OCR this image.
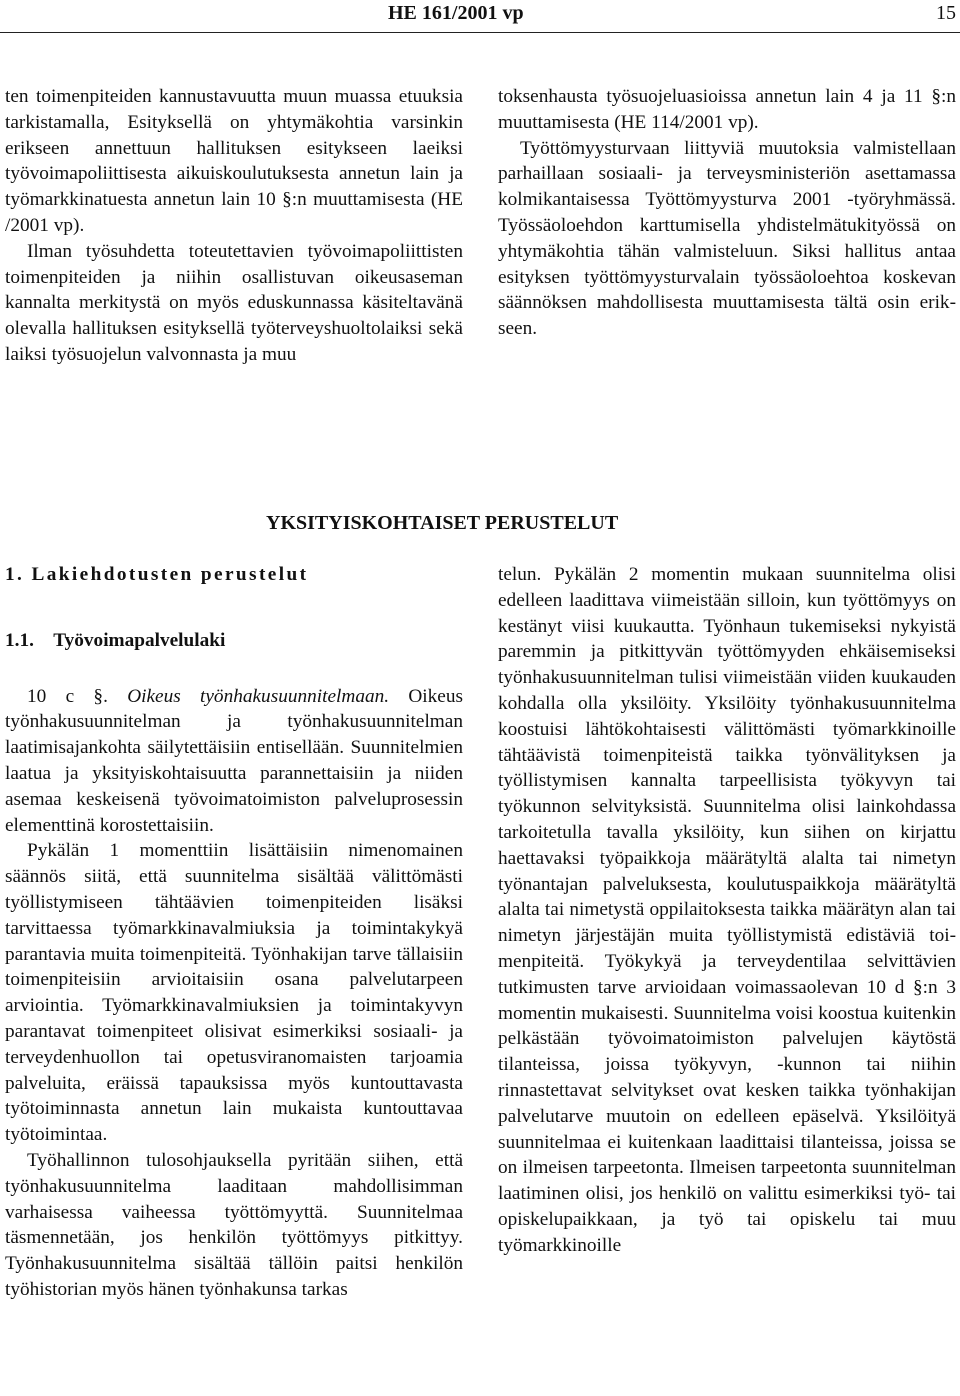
HE 161/2001 vp	15

ten toimenpiteiden kannustavuutta muun muassa etuuksia tarkistamalla, Esityksellä on yhtymäkohtia varsinkin erikseen annettuun hallituksen esitykseen laeiksi työvoimapoliittisesta aikuiskoulutuksesta annetun lain ja työmarkkinatuesta annetun lain 10 §:n muuttamisesta (HE /2001 vp).

Ilman työsuhdetta toteutettavien työvoimapoliittisten toimenpiteiden ja niihin osallistuvan oikeusaseman kannalta merkitystä on myös eduskunnassa käsiteltavänä olevalla hallituksen esityksellä työterveyshuoltolaiksi sekä laiksi työsuojelun valvonnasta ja muu

toksenhausta työsuojeluasioissa annetun lain 4 ja 11 §:n muuttamisesta (HE 114/2001 vp).

Työttömyysturvaan liittyviä muutoksia valmistellaan parhaillaan sosiaali- ja terveysministeriön asettamassa kolmikantaisessa Työttömyysturva 2001 -työryhmässä. Työssäoloehdon karttumisella yhdistelmätukityössä on yhtymäkohtia tähän valmisteluun. Siksi hallitus antaa esityksen työttömyysturvalain työssäoloehtoa koskevan säännöksen mahdollisesta muuttamisesta tältä osin erikseen.

YKSITYISKOHTAISET PERUSTELUT

1. Lakiehdotusten perustelut

1.1.    Työvoimapalvelulaki

10 c §. Oikeus työnhakusuunnitelmaan. Oikeus työnhakusuunnitelman ja työnhakusuunnitelman laatimisajankohta säilytettäisiin entisellään. Suunnitelmien laatua ja yksityiskohtaisuutta parannettaisiin ja niiden asemaa keskeisenä työvoimatoimiston palveluprosessin elementtinä korostettaisiin.

Pykälän 1 momenttiin lisättäisiin nimenomainen säännös siitä, että suunnitelma sisältää välittömästi työllistymiseen tähtäävien toimenpiteiden lisäksi tarvittaessa työmarkkinavalmiuksia ja toimintakykyä parantavia muita toimenpiteitä. Työnhakijan tarve tällaisiin toimenpiteisiin arvioitaisiin osana palvelutarpeen arviointia. Työmarkkinavalmiuksien ja toimintakyvyn parantavat toimenpiteet olisivat esimerkiksi sosiaali- ja terveydenhuollon tai opetusviranomaisten tarjoamia palveluita, eräissä tapauksissa myös kuntouttavasta työtoiminnasta annetun lain mukaista kuntouttavaa työtoimintaa.

Työhallinnon tulosohjauksella pyritään siihen, että työnhakusuunnitelma laaditaan mahdollisimman varhaisessa vaiheessa työttömyyttä. Suunnitelmaa täsmennetään, jos henkilön työttömyys pitkittyy. Työnhakusuunnitelma sisältää tällöin paitsi henkilön työhistorian myös hänen työnhakunsa tarkas

telun. Pykälän 2 momentin mukaan suunnitelma olisi edelleen laadittava viimeistään silloin, kun työttömyys on kestänyt viisi kuukautta. Työnhaun tukemiseksi nykyistä paremmin ja pitkittyvän työttömyyden ehkäisemiseksi työnhakusuunnitelman tulisi viimeistään viiden kuukauden kohdalla olla yksilöity. Yksilöity työnhakusuunnitelma koostuisi lähtökohtaisesti välittömästi työmarkkinoille tähtäävistä toimenpiteistä taikka työnvälityksen ja työllistymisen kannalta tarpeellisista työkyvyn tai työkunnon selvityksistä. Suunnitelma olisi lainkohdassa tarkoitetulla tavalla yksilöity, kun siihen on kirjattu haettavaksi työpaikkoja määrätyltä alalta tai nimetyn työnantajan palveluksesta, koulutuspaikkoja määrätyltä alalta tai nimetystä oppilaitoksesta taikka määrätyn alan tai nimetyn järjestäjän muita työllistymistä edistäviä toimenpiteitä. Työkykyä ja terveydentilaa selvittävien tutkimusten tarve arvioidaan voimassaolevan 10 d §:n 3 momentin mukaisesti. Suunnitelma voisi koostua kuitenkin pelkästään työvoimatoimiston palvelujen käytöstä tilanteissa, joissa työkyvyn, -kunnon tai niihin rinnastettavat selvitykset ovat kesken taikka työnhakijan palvelutarve muutoin on edelleen epäselvä. Yksilöityä suunnitelmaa ei kuitenkaan laadittaisi tilanteissa, joissa se on ilmeisen tarpeetonta. Ilmeisen tarpeetonta suunnitelman laatiminen olisi, jos henkilö on valittu esimerkiksi työ- tai opiskelupaikkaan, ja työ tai opiskelu tai muu työmarkkinoille
